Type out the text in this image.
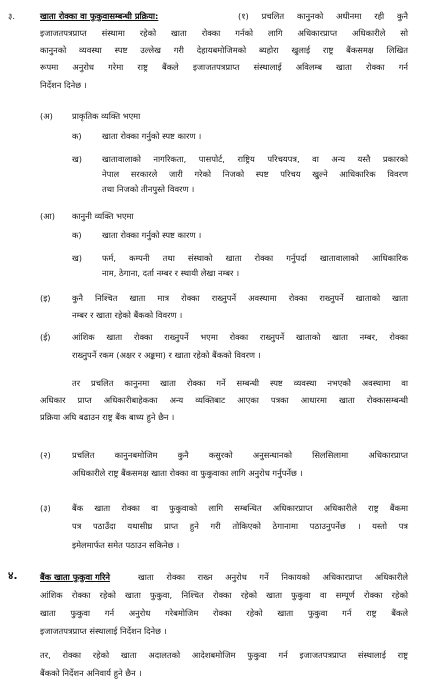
३.	खाता रोक्का वा फुकुवासम्बन्धी प्रक्रिया:	(१) प्रचलित कानुनको अधीनमा रही कुनै
इजाजतपत्रप्राप्त संस्थामा रहेको खाता रोक्का गर्नको लागि अधिकारप्राप्त अधिकारीले सो
कानुनको व्यवस्था स्पष्ट उल्लेख गरी देहायबमोजिमको ब्यहोरा खुलाई राष्ट्र बैंकसमक्ष लिखित
रूपमा अनुरोध गरेमा राष्ट्र बैंकले इजाजतपत्रप्राप्त संस्थालाई अविलम्ब खाता रोक्का गर्न
निर्देशन दिनेछ ।
(अ) प्राकृतिक व्यक्ति भएमा
क) खाता रोक्का गर्नुको स्पष्ट कारण ।
ख) खातावालाको नागरिकता, पासपोर्ट, राष्ट्रिय परिचयपत्र, वा अन्य यस्तै प्रकारको
नेपाल सरकारले जारी गरेको निजको स्पष्ट परिचय खुल्ने आधिकारिक विवरण
तथा निजको तीनपुस्ते विवरण ।
(आ) कानुनी व्यक्ति भएमा
क) खाता रोक्का गर्नुको स्पष्ट कारण ।
ख) फर्म, कम्पनी तथा संस्थाको खाता रोक्का गर्नुपर्दा खातावालाको आधिकारिक
नाम, ठेगाना, दर्ता नम्बर र स्थायी लेखा नम्बर ।
(इ)	कुनै निश्चित खाता मात्र रोक्का राख्नुपर्ने अवस्थामा रोक्का राख्नुपर्ने खाताको खाता
नम्बर र खाता रहेको बैंकको विवरण ।
(ई)	आंशिक खाता रोक्का राख्नुपर्ने भएमा रोक्का राख्नुपर्ने खाताको खाता नम्बर, रोक्का
राख्नुपर्ने रकम (अक्षर र अङ्कमा) र खाता रहेको बैंकको विवरण ।
तर प्रचलित कानुनमा खाता रोक्का गर्ने सम्बन्धी स्पष्ट व्यवस्था नभएकोे अवस्थामा वा
अधिकार प्राप्त अधिकारीबाहेकका अन्य व्यक्तिबाट आएका पत्रका आधारमा खाता रोक्कासम्बन्धी
प्रक्रिया अघि बढाउन राष्ट्र बैंक बाध्य हुने छैन ।
(२)	प्रचलित कानुनबमोजिम कुनै कसुरको अनुसन्धानको सिलसिलामा अधिकारप्राप्त
अधिकारीले राष्ट्र बैंकसमक्ष खाता रोक्का वा फुकुवाका लागि अनुरोध गर्नुपर्नेछ ।
(३)	बैंक खाता रोक्का वा फुकुवाको लागि सम्बन्धित अधिकारप्राप्त अधिकारीले राष्ट्र बैंकमा
पत्र पठाउँदा यथासीघ्र प्राप्त हुने गरी तोकिएको ठेगानामा पठाउनुपर्नेछ । यस्तो पत्र
इमेलमार्फत समेत पठाउन सकिनेछ ।
४.	बैंक खाता फुकुवा गरिने	खाता रोक्का राख्न अनुरोध गर्ने निकायको अधिकारप्राप्त अधिकारीले
आंशिक रोक्का रहेको खाता फुकुवा, निश्चित रोक्का रहेको खाता फुकुवा वा सम्पूर्ण रोक्का रहेको
खाता फुकुवा गर्न अनुरोध गरेबमोजिम रोक्का रहेको खाता फुकुवा गर्न राष्ट्र बैंकले
इजाजतपत्रप्राप्त संस्थालाई निर्देशन दिनेछ ।
तर, रोक्का रहेको खाता अदालतको आदेशबमोजिम फुकुवा गर्न इजाजतपत्रप्राप्त संस्थालाई राष्ट्र
बैंकको निर्देशन अनिवार्य हुने छैन ।
